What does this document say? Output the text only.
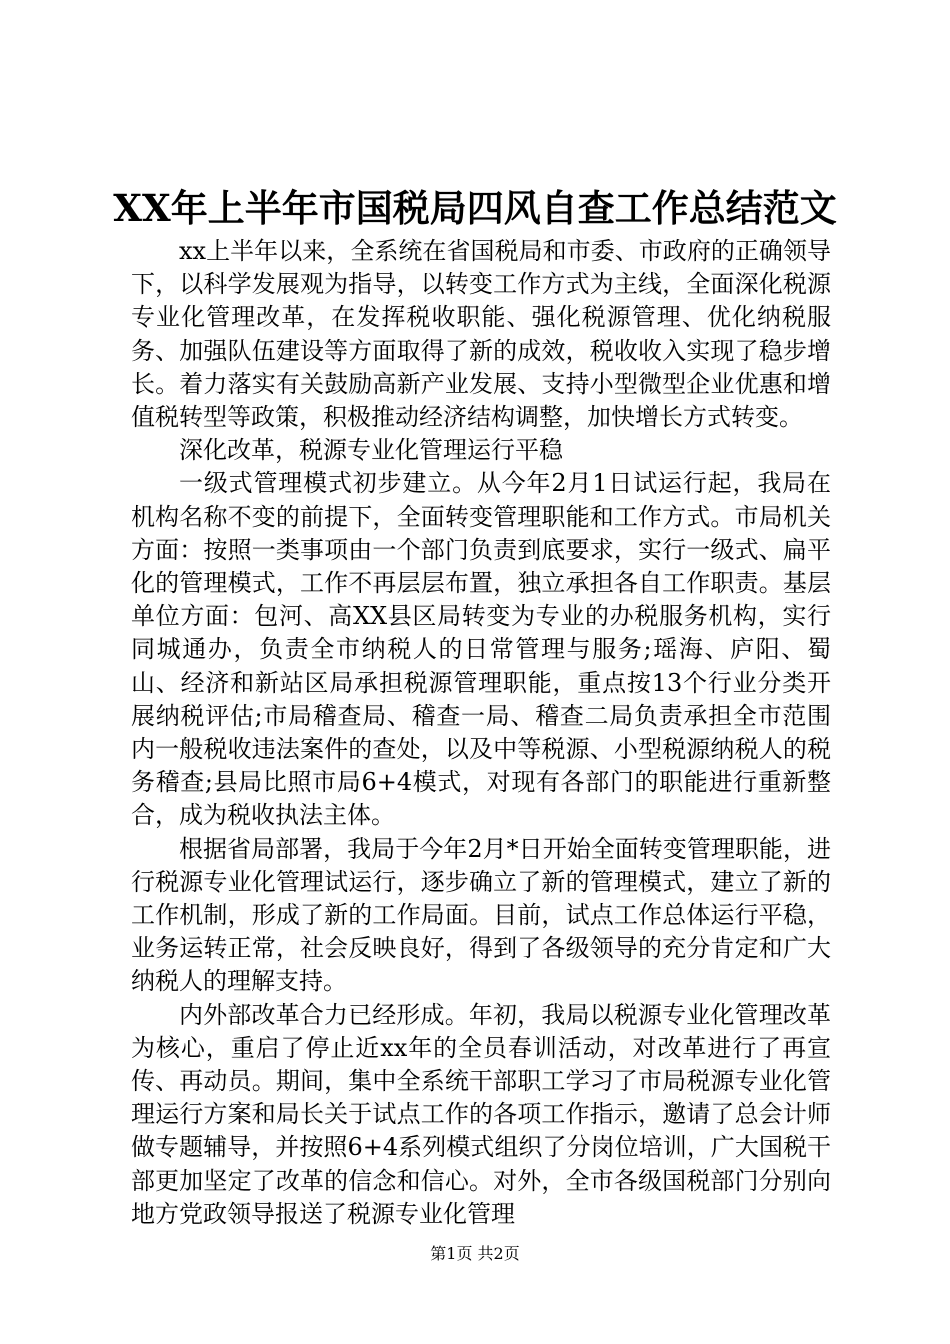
XX年上半年市国税局四风自查工作总结范文

xx上半年以来，全系统在省国税局和市委、市政府的正确领导下，以科学发展观为指导，以转变工作方式为主线，全面深化税源专业化管理改革，在发挥税收职能、强化税源管理、优化纳税服务、加强队伍建设等方面取得了新的成效，税收收入实现了稳步增长。着力落实有关鼓励高新产业发展、支持小型微型企业优惠和增值税转型等政策，积极推动经济结构调整，加快增长方式转变。

深化改革，税源专业化管理运行平稳

一级式管理模式初步建立。从今年2月1日试运行起，我局在机构名称不变的前提下，全面转变管理职能和工作方式。市局机关方面：按照一类事项由一个部门负责到底要求，实行一级式、扁平化的管理模式，工作不再层层布置，独立承担各自工作职责。基层单位方面：包河、高XX县区局转变为专业的办税服务机构，实行同城通办，负责全市纳税人的日常管理与服务;瑶海、庐阳、蜀山、经济和新站区局承担税源管理职能，重点按13个行业分类开展纳税评估;市局稽查局、稽查一局、稽查二局负责承担全市范围内一般税收违法案件的查处，以及中等税源、小型税源纳税人的税务稽查;县局比照市局6+4模式，对现有各部门的职能进行重新整合，成为税收执法主体。

根据省局部署，我局于今年2月*日开始全面转变管理职能，进行税源专业化管理试运行，逐步确立了新的管理模式，建立了新的工作机制，形成了新的工作局面。目前，试点工作总体运行平稳，业务运转正常，社会反映良好，得到了各级领导的充分肯定和广大纳税人的理解支持。

内外部改革合力已经形成。年初，我局以税源专业化管理改革为核心，重启了停止近xx年的全员春训活动，对改革进行了再宣传、再动员。期间，集中全系统干部职工学习了市局税源专业化管理运行方案和局长关于试点工作的各项工作指示，邀请了总会计师做专题辅导，并按照6+4系列模式组织了分岗位培训，广大国税干部更加坚定了改革的信念和信心。对外，全市各级国税部门分别向地方党政领导报送了税源专业化管理

第1页 共2页
